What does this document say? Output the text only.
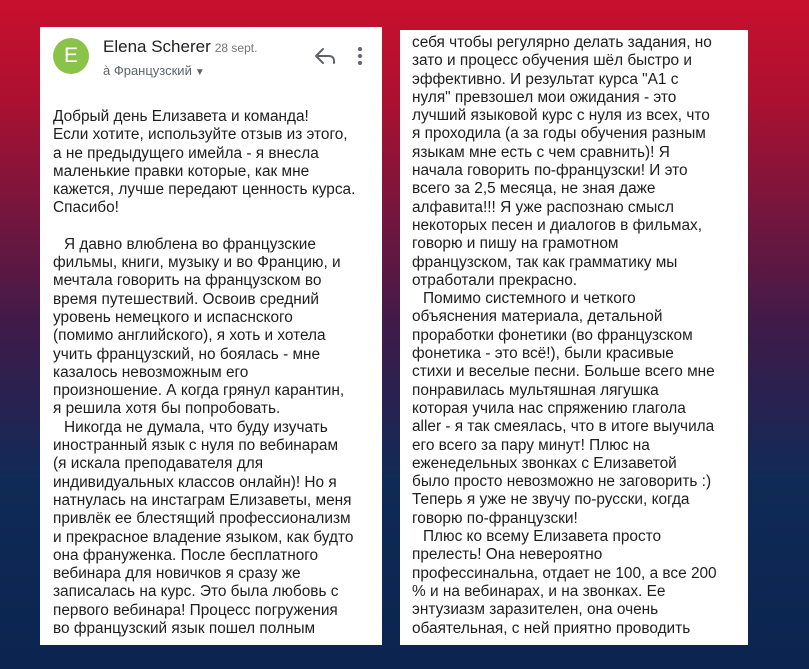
E	Elena Scherer 28 sept.
à Французский ▼

Добрый день Елизавета и команда!

Если хотите, используйте отзыв из этого,

а не предыдущего имейла - я внесла

маленькие правки которые, как мне

кажется, лучше передают ценность курса.

Спасибо!

Я давно влюблена во французские

фильмы, книги, музыку и во Францию, и

мечтала говорить на французском во

время путешествий. Освоив средний

уровень немецкого и испаснского

(помимо английского), я хоть и хотела

учить французский, но боялась - мне

казалось невозможным его

произношение. А когда грянул карантин,

я решила хотя бы попробовать.

Никогда не думала, что буду изучать

иностранный язык с нуля по вебинарам

(я искала преподавателя для

индивидуальных классов онлайн)! Но я

натнулась на инстаграм Елизаветы, меня

привлёк ее блестящий профессионализм

и прекрасное владение языком, как будто

она франуженка. После бесплатного

вебинара для новичков я сразу же

записалась на курс. Это была любовь с

первого вебинара! Процесс погружения

во французский язык пошел полным

себя чтобы регулярно делать задания, но

зато и процесс обучения шёл быстро и

эффективно. И результат курса "А1 с

нуля" превзошел мои ожидания - это

лучший языковой курс с нуля из всех, что

я проходила (а за годы обучения разным

языкам мне есть с чем сравнить)! Я

начала говорить по-французски! И это

всего за 2,5 месяца, не зная даже

алфавита!!! Я уже распознаю смысл

некоторых песен и диалогов в фильмах,

говорю и пишу на грамотном

французском, так как грамматику мы

отработали прекрасно.

Помимо системного и четкого

объяснения материала, детальной

проработки фонетики (во французском

фонетика - это всё!), были красивые

стихи и веселые песни. Больше всего мне

понравилась мультяшная лягушка

которая учила нас спряжению глагола

aller - я так смеялась, что в итоге выучила

его всего за пару минут! Плюс на

еженедельных звонках с Елизаветой

было просто невозможно не заговорить :)

Теперь я уже не звучу по-русски, когда

говорю по-французски!

Плюс ко всему Елизавета просто

прелесть! Она невероятно

профессинальна, отдает не 100, а все 200

% и на вебинарах, и на звонках. Ее

энтузиазм заразителен, она очень

обаятельная, с ней приятно проводить
